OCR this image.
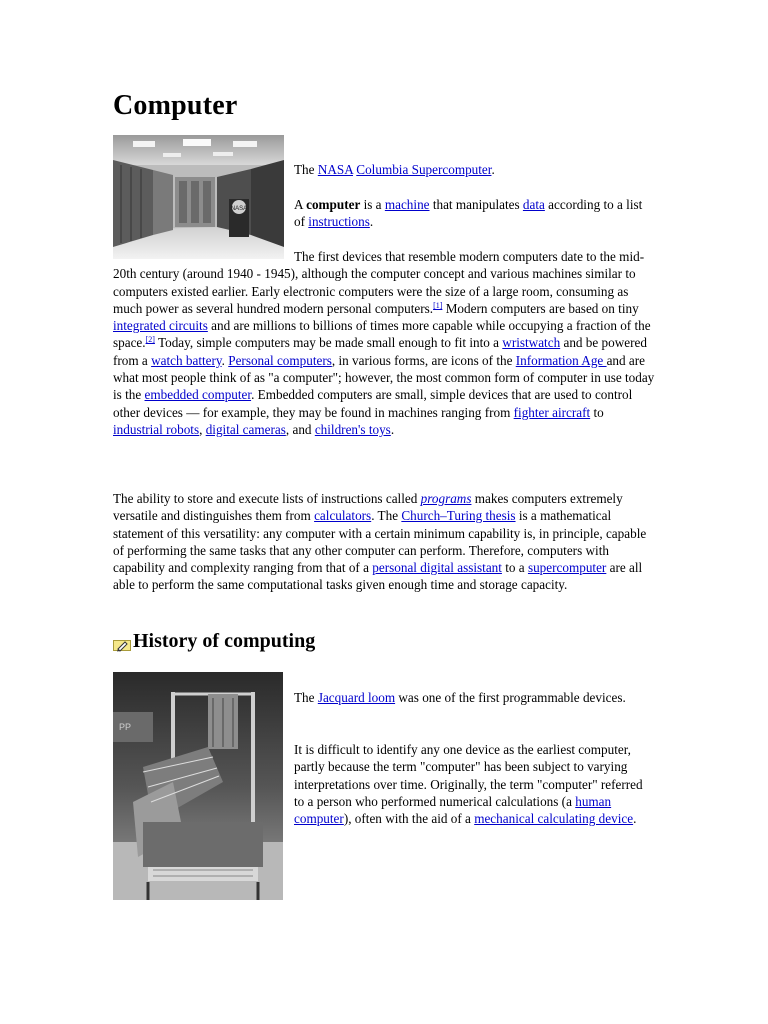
Computer
NASA

The NASA Columbia Supercomputer.

A computer is a machine that manipulates data according to a list of instructions.

The first devices that resemble modern computers date to the mid-20th century (around 1940 - 1945), although the computer concept and various machines similar to computers existed earlier. Early electronic computers were the size of a large room, consuming as much power as several hundred modern personal computers.[1] Modern computers are based on tiny integrated circuits and are millions to billions of times more capable while occupying a fraction of the space.[2] Today, simple computers may be made small enough to fit into a wristwatch and be powered from a watch battery. Personal computers, in various forms, are icons of the Information Age and are what most people think of as "a computer"; however, the most common form of computer in use today is the embedded computer. Embedded computers are small, simple devices that are used to control other devices — for example, they may be found in machines ranging from fighter aircraft to industrial robots, digital cameras, and children's toys.

The ability to store and execute lists of instructions called programs makes computers extremely versatile and distinguishes them from calculators. The Church–Turing thesis is a mathematical statement of this versatility: any computer with a certain minimum capability is, in principle, capable of performing the same tasks that any other computer can perform. Therefore, computers with capability and complexity ranging from that of a personal digital assistant to a supercomputer are all able to perform the same computational tasks given enough time and storage capacity.

History of computing
PP

The Jacquard loom was one of the first programmable devices.

It is difficult to identify any one device as the earliest computer, partly because the term "computer" has been subject to varying interpretations over time. Originally, the term "computer" referred to a person who performed numerical calculations (a human computer), often with the aid of a mechanical calculating device.
